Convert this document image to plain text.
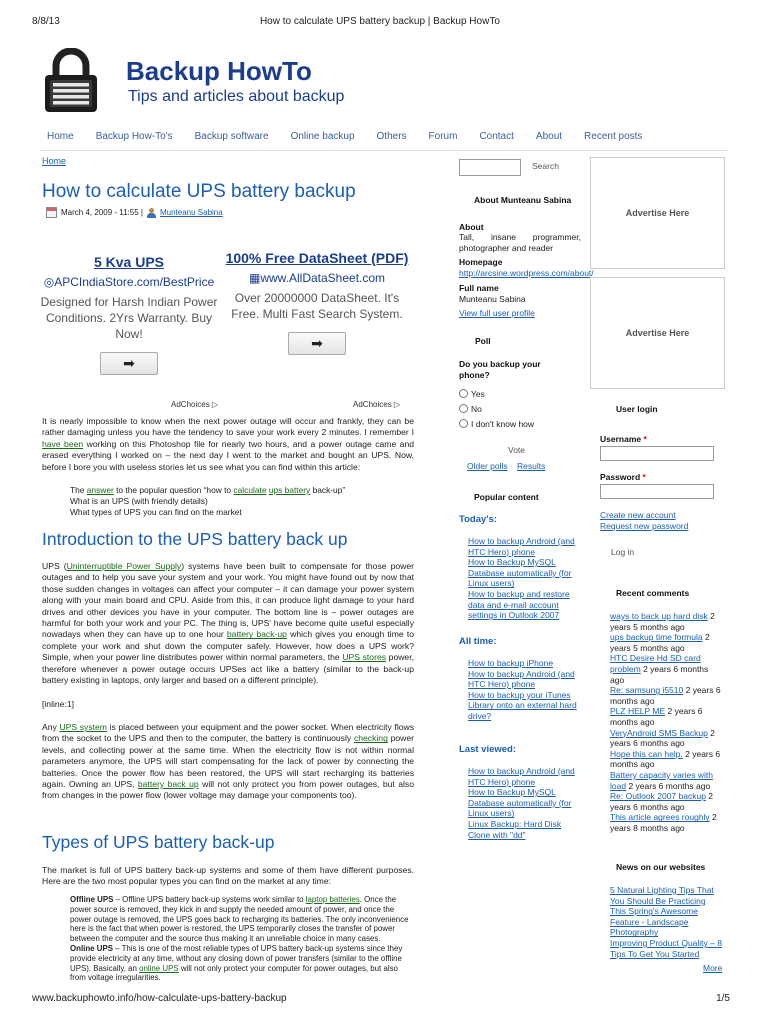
8/8/13	How to calculate UPS battery backup | Backup HowTo
Backup HowTo
Tips and articles about backup
Home Backup How-To's Backup software Online backup Others Forum Contact About Recent posts
Home
How to calculate UPS battery backup
March 4, 2009 - 11:55 | Munteanu Sabina
5 Kva UPS
◎APCIndiaStore.com/BestPrice
Designed for Harsh Indian Power Conditions. 2Yrs Warranty. Buy Now!
➡
100% Free DataSheet (PDF)
▦www.AllDataSheet.com
Over 20000000 DataSheet. It's Free. Multi Fast Search System.
➡
AdChoices ▷	AdChoices ▷
It is nearly impossible to know when the next power outage will occur and frankly, they can be rather damaging unless you have the tendency to save your work every 2 minutes. I remember I have been working on this Photoshop file for nearly two hours, and a power outage came and erased everything I worked on – the next day I went to the market and bought an UPS. Now, before I bore you with useless stories let us see what you can find within this article:
The answer to the popular question “how to calculate ups battery back-up”
What is an UPS (with friendly details)
What types of UPS you can find on the market
Introduction to the UPS battery back up
UPS (Uninterruptible Power Supply) systems have been built to compensate for those power outages and to help you save your system and your work. You might have found out by now that those sudden changes in voltages can affect your computer – it can damage your power system along with your main board and CPU. Aside from this, it can produce light damage to your hard drives and other devices you have in your computer. The bottom line is – power outages are harmful for both your work and your PC. The thing is, UPS’ have become quite useful especially nowadays when they can have up to one hour battery back-up which gives you enough time to complete your work and shut down the computer safely. However, how does a UPS work? Simple, when your power line distributes power within normal parameters, the UPS stores power, therefore whenever a power outage occurs UPSes act like a battery (similar to the back-up battery existing in laptops, only larger and based on a different principle).
[inline:1]
Any UPS system is placed between your equipment and the power socket. When electricity flows from the socket to the UPS and then to the computer, the battery is continuously checking power levels, and collecting power at the same time. When the electricity flow is not within normal parameters anymore, the UPS will start compensating for the lack of power by connecting the batteries. Once the power flow has been restored, the UPS will start recharging its batteries again. Owning an UPS, battery back up will not only protect you from power outages, but also from changes in the power flow (lower voltage may damage your components too).
Types of UPS battery back-up
The market is full of UPS battery back-up systems and some of them have different purposes. Here are the two most popular types you can find on the market at any time:
Offline UPS – Offline UPS battery back-up systems work similar to laptop batteries. Once the power source is removed, they kick in and supply the needed amount of power, and once the power outage is removed, the UPS goes back to recharging its batteries. The only inconvenience here is the fact that when power is restored, the UPS temporarily closes the transfer of power between the computer and the source thus making it an unreliable choice in many cases.
Online UPS – This is one of the most reliable types of UPS battery back-up systems since they provide electricity at any time, without any closing down of power transfers (similar to the offline UPS). Basically, an online UPS will not only protect your computer for power outages, but also from voltage irregularities.
Search
About Munteanu Sabina
About
Tall, insane programmer, photographer and reader
Homepage
http://arcsine.wordpress.com/about/
Full name
Munteanu Sabina
View full user profile
Poll
Do you backup your phone?
Yes
No
I don't know how
Vote
Older polls Results
Popular content
Today's:
How to backup Android (and HTC Hero) phone
How to Backup MySQL Database automatically (for Linux users)
How to backup and restore data and e-mail account settings in Outlook 2007
All time:
How to backup iPhone
How to backup Android (and HTC Hero) phone
How to backup your iTunes Library onto an external hard drive?
Last viewed:
How to backup Android (and HTC Hero) phone
How to Backup MySQL Database automatically (for Linux users)
Linux Backup: Hard Disk Clone with "dd"
Advertise Here
Advertise Here
User login
Username *
Password *
Create new account
Request new password
Log in
Recent comments
ways to back up hard disk 2 years 5 months ago
ups backup time formula 2 years 5 months ago
HTC Desire Hd SD card problem 2 years 6 months ago
Re: samsung i5510 2 years 6 months ago
PLZ HELP ME 2 years 6 months ago
VeryAndroid SMS Backup 2 years 6 months ago
Hope this can help. 2 years 6 months ago
Battery capacity varies with load 2 years 6 months ago
Re: Outlook 2007 backup 2 years 6 months ago
This article agrees roughly 2 years 8 months ago
News on our websites
5 Natural Lighting Tips That You Should Be Practicing
This Spring's Awesome Feature - Landscape Photography
Improving Product Quality – 8 Tips To Get You Started
More
www.backuphowto.info/how-calculate-ups-battery-backup	1/5
